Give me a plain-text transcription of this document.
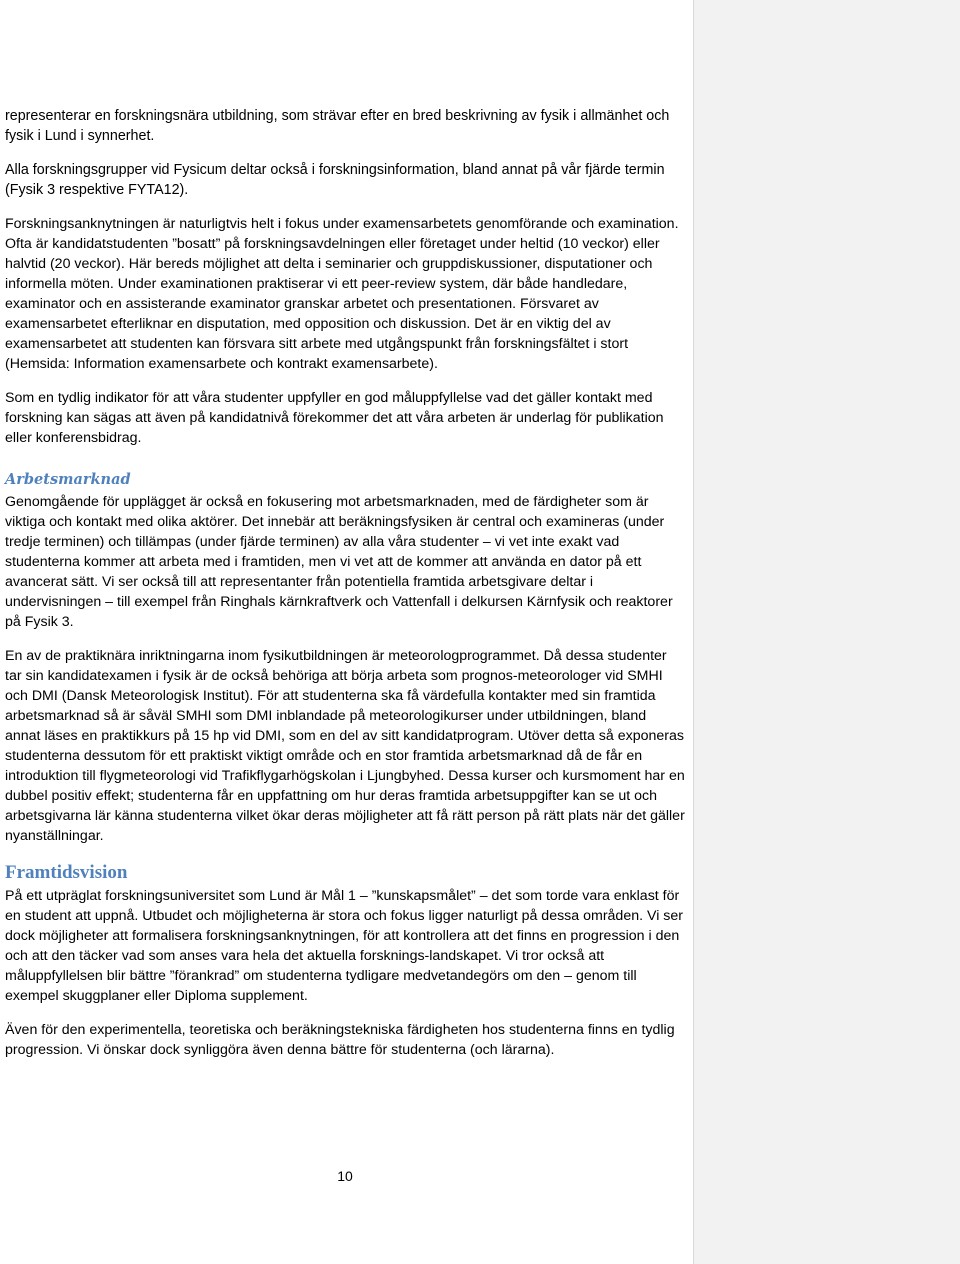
representerar en forskningsnära utbildning, som strävar efter en bred beskrivning av fysik i allmänhet och fysik i Lund i synnerhet.

Alla forskningsgrupper vid Fysicum deltar också i forskningsinformation, bland annat på vår fjärde termin (Fysik 3 respektive FYTA12).

Forskningsanknytningen är naturligtvis helt i fokus under examensarbetets genomförande och examination. Ofta är kandidatstudenten ”bosatt” på forskningsavdelningen eller företaget under heltid (10 veckor) eller halvtid (20 veckor). Här bereds möjlighet att delta i seminarier och gruppdiskussioner, disputationer och informella möten. Under examinationen praktiserar vi ett peer-review system, där både handledare, examinator och en assisterande examinator granskar arbetet och presentationen. Försvaret av examensarbetet efterliknar en disputation, med opposition och diskussion. Det är en viktig del av examensarbetet att studenten kan försvara sitt arbete med utgångspunkt från forskningsfältet i stort (Hemsida: Information examensarbete och kontrakt examensarbete).

Som en tydlig indikator för att våra studenter uppfyller en god måluppfyllelse vad det gäller kontakt med forskning kan sägas att även på kandidatnivå förekommer det att våra arbeten är underlag för publikation eller konferensbidrag.

Arbetsmarknad

Genomgående för upplägget är också en fokusering mot arbetsmarknaden, med de färdigheter som är viktiga och kontakt med olika aktörer. Det innebär att beräkningsfysiken är central och examineras (under tredje terminen) och tillämpas (under fjärde terminen) av alla våra studenter – vi vet inte exakt vad studenterna kommer att arbeta med i framtiden, men vi vet att de kommer att använda en dator på ett avancerat sätt. Vi ser också till att representanter från potentiella framtida arbetsgivare deltar i undervisningen – till exempel från Ringhals kärnkraftverk och Vattenfall i delkursen Kärnfysik och reaktorer på Fysik 3.

En av de praktiknära inriktningarna inom fysikutbildningen är meteorologprogrammet. Då dessa studenter tar sin kandidatexamen i fysik är de också behöriga att börja arbeta som prognos-meteorologer vid SMHI och DMI (Dansk Meteorologisk Institut). För att studenterna ska få värdefulla kontakter med sin framtida arbetsmarknad så är såväl SMHI som DMI inblandade på meteorologikurser under utbildningen, bland annat läses en praktikkurs på 15 hp vid DMI, som en del av sitt kandidatprogram. Utöver detta så exponeras studenterna dessutom för ett praktiskt viktigt område och en stor framtida arbetsmarknad då de får en introduktion till flygmeteorologi vid Trafikflygarhögskolan i Ljungbyhed. Dessa kurser och kursmoment har en dubbel positiv effekt; studenterna får en uppfattning om hur deras framtida arbetsuppgifter kan se ut och arbetsgivarna lär känna studenterna vilket ökar deras möjligheter att få rätt person på rätt plats när det gäller nyanställningar.

Framtidsvision

På ett utpräglat forskningsuniversitet som Lund är Mål 1 – ”kunskapsmålet” – det som torde vara enklast för en student att uppnå. Utbudet och möjligheterna är stora och fokus ligger naturligt på dessa områden. Vi ser dock möjligheter att formalisera forskningsanknytningen, för att kontrollera att det finns en progression i den och att den täcker vad som anses vara hela det aktuella forsknings-landskapet. Vi tror också att måluppfyllelsen blir bättre ”förankrad” om studenterna tydligare medvetandegörs om den – genom till exempel skuggplaner eller Diploma supplement.

Även för den experimentella, teoretiska och beräkningstekniska färdigheten hos studenterna finns en tydlig progression. Vi önskar dock synliggöra även denna bättre för studenterna (och lärarna).

10
